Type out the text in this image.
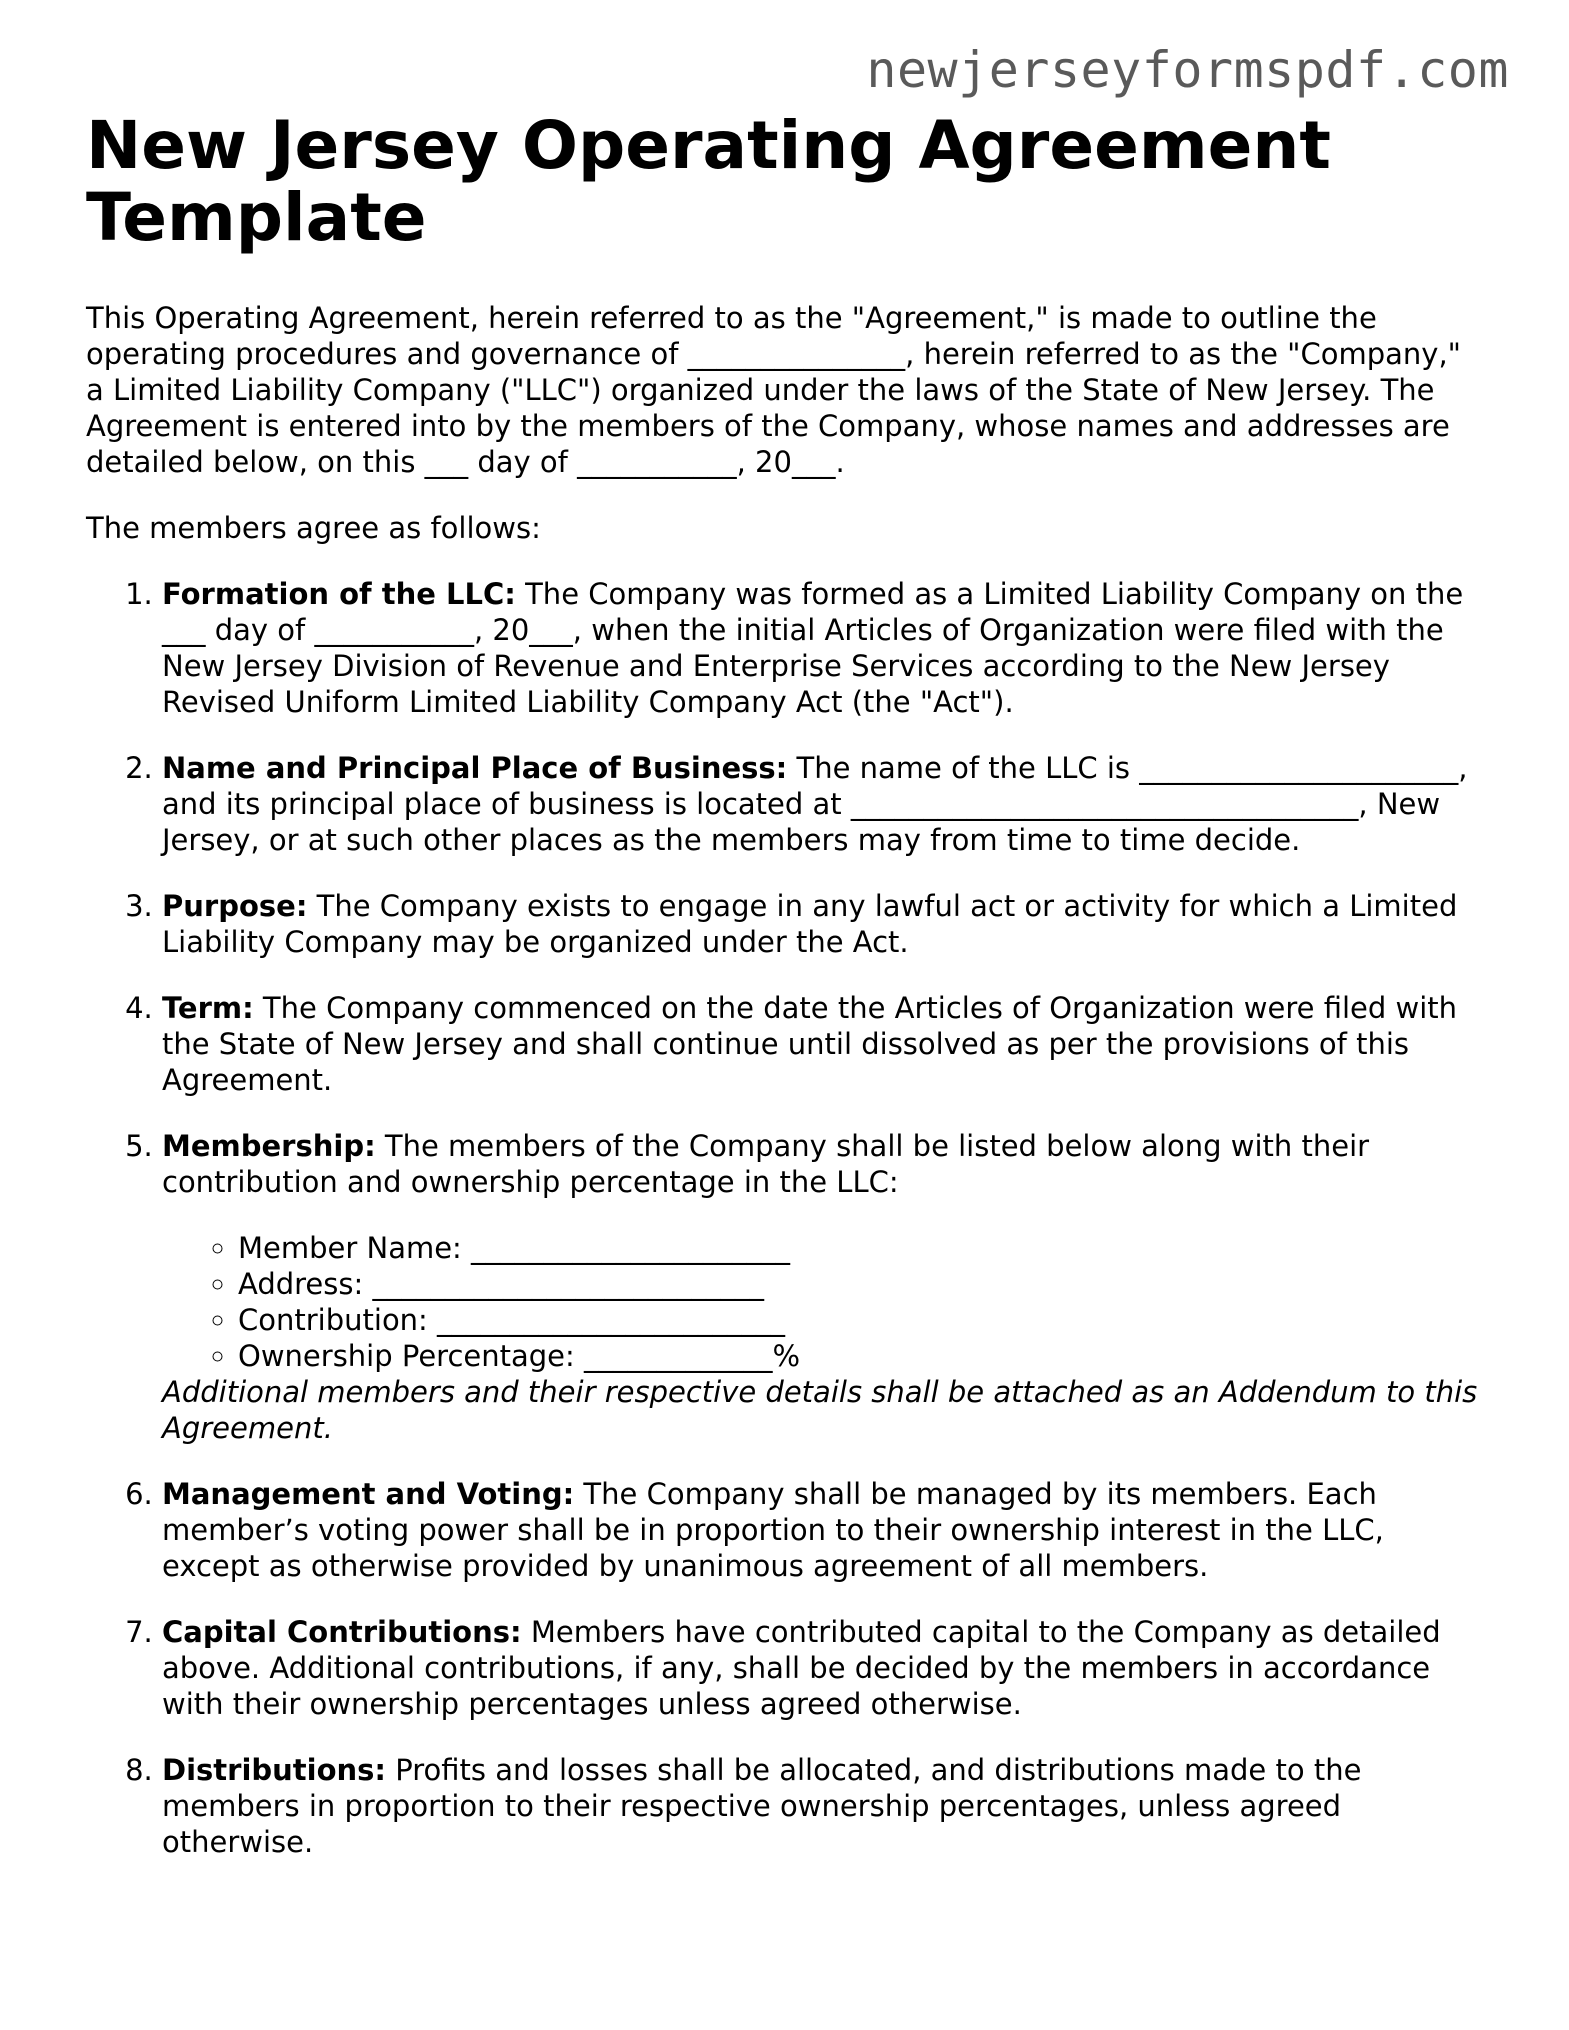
newjerseyformspdf.com

New Jersey Operating Agreement Template

This Operating Agreement, herein referred to as the "Agreement," is made to outline the operating procedures and governance of _______________, herein referred to as the "Company," a Limited Liability Company ("LLC") organized under the laws of the State of New Jersey. The Agreement is entered into by the members of the Company, whose names and addresses are detailed below, on this ___ day of ___________, 20___.

The members agree as follows:

1. Formation of the LLC: The Company was formed as a Limited Liability Company on the ___ day of ___________, 20___, when the initial Articles of Organization were filed with the New Jersey Division of Revenue and Enterprise Services according to the New Jersey Revised Uniform Limited Liability Company Act (the "Act").
2. Name and Principal Place of Business: The name of the LLC is ______________________, and its principal place of business is located at ___________________________________, New Jersey, or at such other places as the members may from time to time decide.
3. Purpose: The Company exists to engage in any lawful act or activity for which a Limited Liability Company may be organized under the Act.
4. Term: The Company commenced on the date the Articles of Organization were filed with the State of New Jersey and shall continue until dissolved as per the provisions of this Agreement.
5. Membership: The members of the Company shall be listed below along with their contribution and ownership percentage in the LLC:
◦ Member Name: ______________________
◦ Address: ___________________________
◦ Contribution: ________________________
◦ Ownership Percentage: _____________%
Additional members and their respective details shall be attached as an Addendum to this Agreement.
6. Management and Voting: The Company shall be managed by its members. Each member’s voting power shall be in proportion to their ownership interest in the LLC, except as otherwise provided by unanimous agreement of all members.
7. Capital Contributions: Members have contributed capital to the Company as detailed above. Additional contributions, if any, shall be decided by the members in accordance with their ownership percentages unless agreed otherwise.
8. Distributions: Profits and losses shall be allocated, and distributions made to the members in proportion to their respective ownership percentages, unless agreed otherwise.
